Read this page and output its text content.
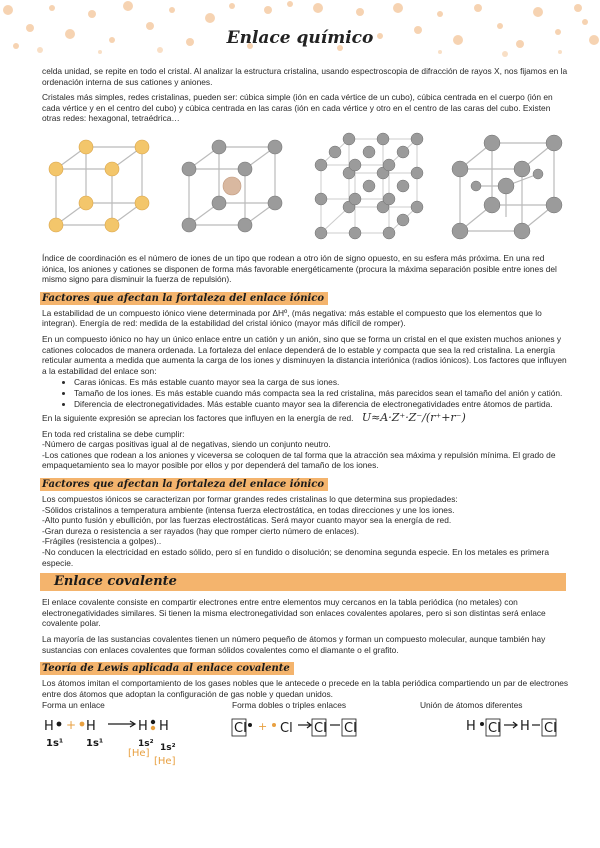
Enlace químico

celda unidad, se repite en todo el cristal. Al analizar la estructura cristalina, usando espectroscopia de difracción de rayos X, nos fijamos en la ordenación interna de sus cationes y aniones.

Cristales más simples, redes cristalinas, pueden ser: cúbica simple (ión en cada vértice de un cubo), cúbica centrada en el cuerpo (ión en cada vértice y en el centro del cubo) y cúbica centrada en las caras (ión en cada vértice y otro en el centro de las caras del cubo. Existen otras redes: hexagonal, tetraédrica…

Índice de coordinación es el número de iones de un tipo que rodean a otro ión de signo opuesto, en su esfera más próxima. En una red iónica, los aniones y cationes se disponen de forma más favorable energéticamente (procura la máxima separación posible entre iones del mismo signo para disminuir la fuerza de repulsión).

Factores que afectan la fortaleza del enlace iónico

La estabilidad de un compuesto iónico viene determinada por ΔHº, (más negativa: más estable el compuesto que los elementos que lo integran). Energía de red: medida de la estabilidad del cristal iónico (mayor más difícil de romper).

En un compuesto iónico no hay un único enlace entre un catión y un anión, sino que se forma un cristal en el que existen muchos aniones y cationes colocados de manera ordenada. La fortaleza del enlace dependerá de lo estable y compacta que sea la red cristalina. La energía reticular aumenta a medida que aumenta la carga de los iones y disminuyen la distancia interiónica (radios iónicos). Los factores que influyen a la estabilidad del enlace son:

• Caras iónicas. Es más estable cuanto mayor sea la carga de sus iones.
• Tamaño de los iones. Es más estable cuando más compacta sea la red cristalina, más parecidos sean el tamaño del anión y catión.
• Diferencia de electronegatividades. Más estable cuanto mayor sea la diferencia de electronegatividades entre átomos de partida.

En la siguiente expresión se aprecian los factores que influyen en la energía de red. U≈A·Z⁺·Z⁻/(r⁺+r⁻)

En toda red cristalina se debe cumplir:
-Número de cargas positivas igual al de negativas, siendo un conjunto neutro.
-Los cationes que rodean a los aniones y viceversa se coloquen de tal forma que la atracción sea máxima y repulsión mínima. El grado de empaquetamiento sea lo mayor posible por ellos y por dependerá del tamaño de los iones.

Factores que afectan la fortaleza del enlace iónico

Los compuestos iónicos se caracterizan por formar grandes redes cristalinas lo que determina sus propiedades:
-Sólidos cristalinos a temperatura ambiente (intensa fuerza electrostática, en todas direcciones y une los iones.
-Alto punto fusión y ebullición, por las fuerzas electrostáticas. Será mayor cuanto mayor sea la energía de red.
-Gran dureza o resistencia a ser rayados (hay que romper cierto número de enlaces).
-Frágiles (resistencia a golpes)..
-No conducen la electricidad en estado sólido, pero sí en fundido o disolución; se denomina segunda especie. En los metales es primera especie.

Enlace covalente

El enlace covalente consiste en compartir electrones entre entre elementos muy cercanos en la tabla periódica (no metales) con electronegatividades similares. Si tienen la misma electronegatividad son enlaces covalentes apolares, pero si son distintas será enlace covalente polar.

La mayoría de las sustancias covalentes tienen un número pequeño de átomos y forman un compuesto molecular, aunque también hay sustancias con enlaces covalentes que forman sólidos covalentes como el diamante o el grafito.

Teoría de Lewis aplicada al enlace covalente

Los átomos imitan el comportamiento de los gases nobles que le antecede o precede en la tabla periódica compartiendo un par de electrones entre dos átomos que adoptan la configuración de gas noble y quedan unidos.

Forma un enlace	Forma dobles o triples enlaces	Unión de átomos diferentes
H
1s¹
+ H
1s¹
H H
1s² 1s²
[He]
[He]
Cl + Cl Cl Cl	H Cl H Cl
